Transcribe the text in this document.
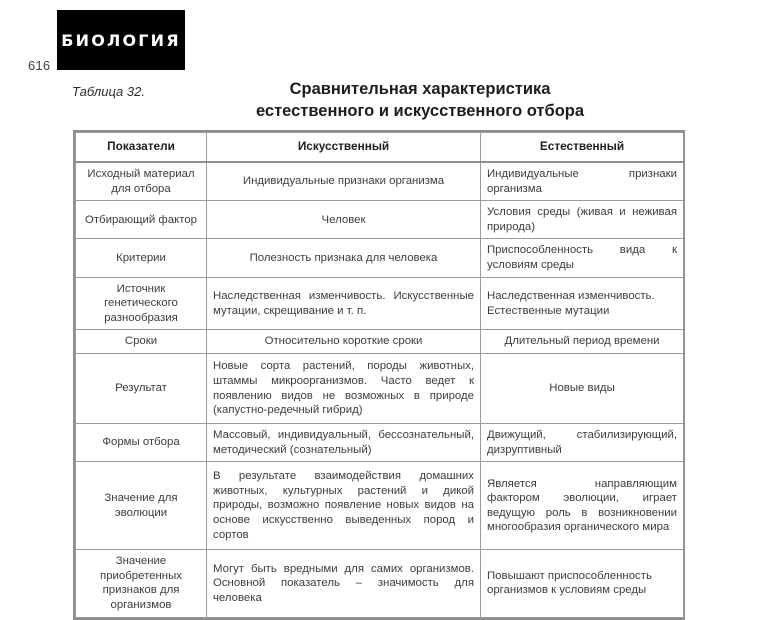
616
БИОЛОГИЯ
Таблица 32.	Сравнительная характеристика
естественного и искусственного отбора
Показатели	Искусственный	Естественный
Исходный материал для отбора	Индивидуальные признаки организма	Индивидуальные признаки организма
Отбирающий фактор	Человек	Условия среды (живая и неживая природа)
Критерии	Полезность признака для человека	Приспособленность вида к условиям среды
Источник генетического разнообразия	Наследственная изменчивость. Искусственные мутации, скрещивание и т. п.	Наследственная изменчивость. Естественные мутации
Сроки	Относительно короткие сроки	Длительный период времени
Результат	Новые сорта растений, породы животных, штаммы микроорганизмов. Часто ведет к появлению видов не возможных в природе (капустно-редечный гибрид)	Новые виды
Формы отбора	Массовый, индивидуальный, бессознательный, методический (сознательный)	Движущий, стабилизирующий, дизруптивный
Значение для эволюции	В результате взаимодействия домашних животных, культурных растений и дикой природы, возможно появление новых видов на основе искусственно выведенных пород и сортов	Является направляющим фактором эволюции, играет ведущую роль в возникновении многообразия органического мира
Значение приобретенных признаков для организмов	Могут быть вредными для самих организмов. Основной показатель – значимость для человека	Повышают приспособленность организмов к условиям среды
